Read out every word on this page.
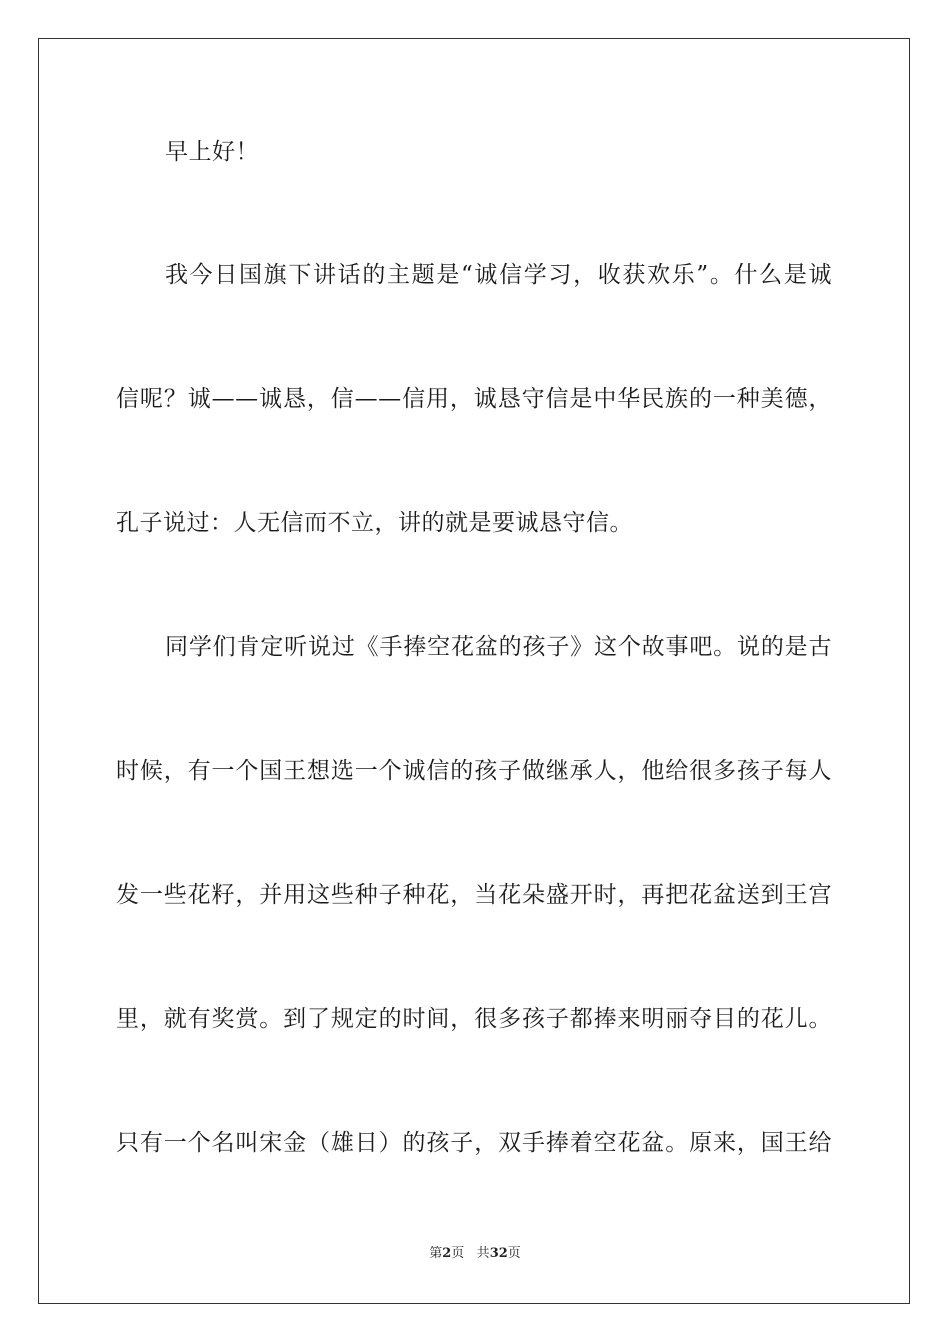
早上好！
我今日国旗下讲话的主题是“诚信学习，收获欢乐”。什么是诚
信呢？诚——诚恳，信——信用，诚恳守信是中华民族的一种美德，
孔子说过：人无信而不立，讲的就是要诚恳守信。
同学们肯定听说过《手捧空花盆的孩子》这个故事吧。说的是古
时候，有一个国王想选一个诚信的孩子做继承人，他给很多孩子每人
发一些花籽，并用这些种子种花，当花朵盛开时，再把花盆送到王宫
里，就有奖赏。到了规定的时间，很多孩子都捧来明丽夺目的花儿。
只有一个名叫宋金（雄日）的孩子，双手捧着空花盆。原来，国王给
第2页 共32页
